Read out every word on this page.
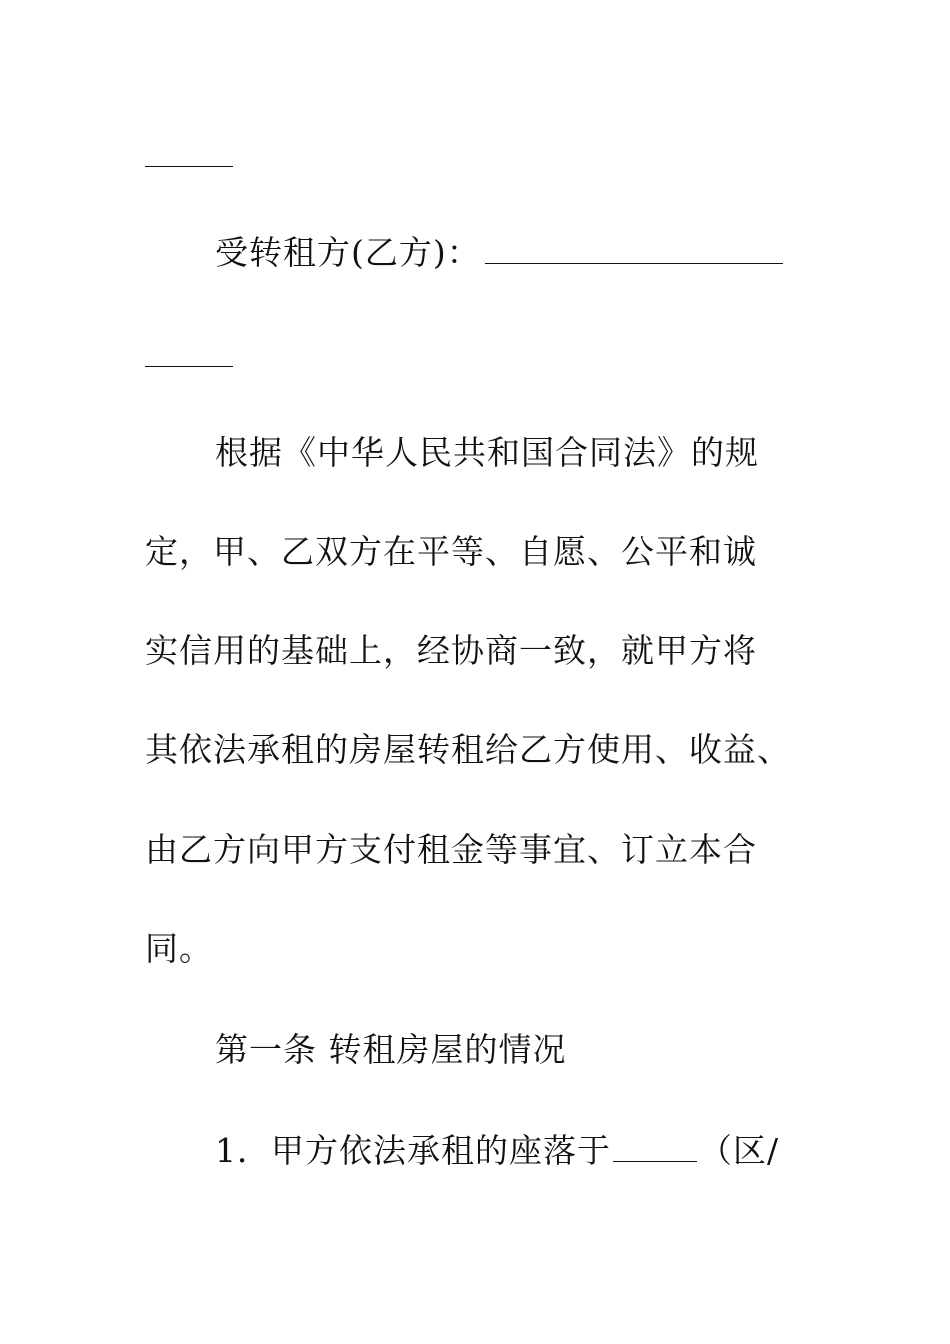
受转租方(乙方)：
根据《中华人民共和国合同法》的规
定，甲、乙双方在平等、自愿、公平和诚
实信用的基础上，经协商一致，就甲方将
其依法承租的房屋转租给乙方使用、收益、
由乙方向甲方支付租金等事宜、订立本合
同。
第一条 转租房屋的情况
1．甲方依法承租的座落于	（区/
